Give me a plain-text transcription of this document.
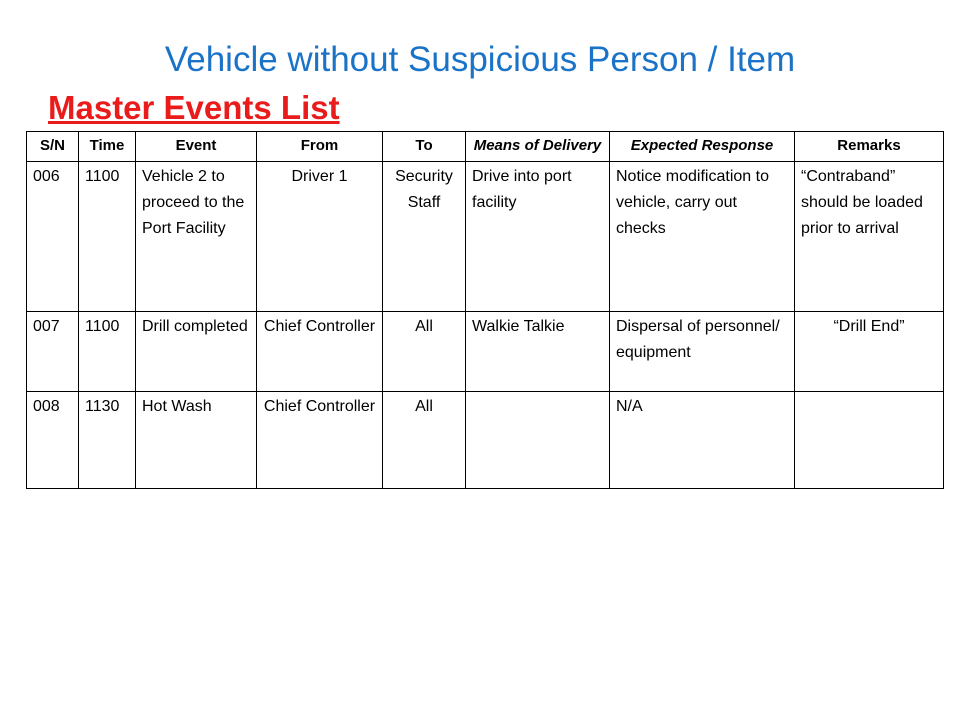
Vehicle without Suspicious Person / Item
Master Events List
S/N	Time	Event	From	To	Means of Delivery	Expected Response	Remarks
006	1100	Vehicle 2 to proceed to the Port Facility	Driver 1	Security Staff	Drive into port facility	Notice modification to vehicle, carry out checks	“Contraband” should be loaded prior to arrival
007	1100	Drill completed	Chief Controller	All	Walkie Talkie	Dispersal of personnel/ equipment	“Drill End”
008	1130	Hot Wash	Chief Controller	All		N/A	
